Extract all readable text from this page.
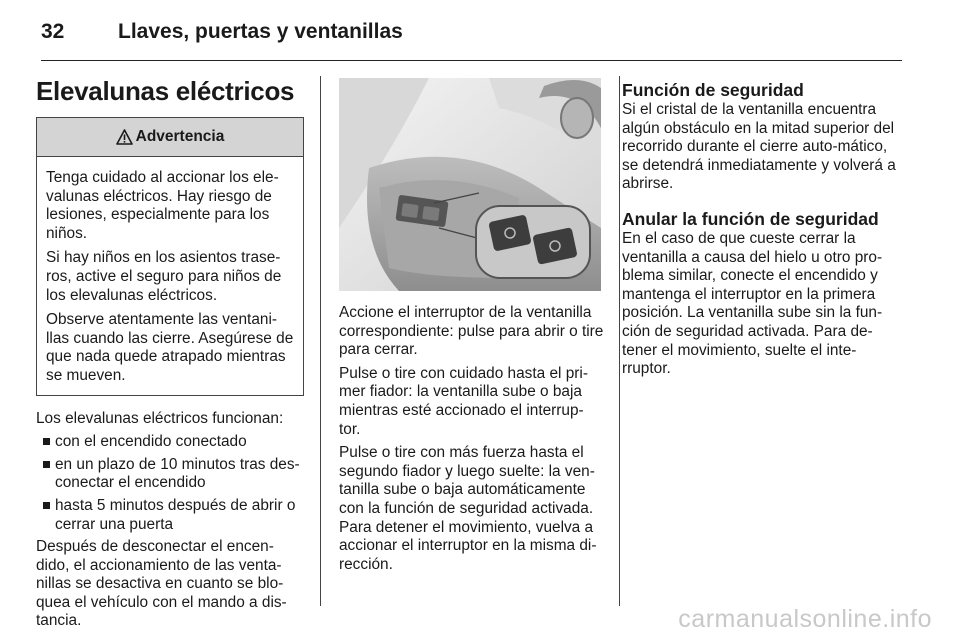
32	Llaves, puertas y ventanillas
Elevalunas eléctricos
Advertencia

Tenga cuidado al accionar los ele-valunas eléctricos. Hay riesgo de lesiones, especialmente para los niños.

Si hay niños en los asientos trase-ros, active el seguro para niños de los elevalunas eléctricos.

Observe atentamente las ventani-llas cuando las cierre. Asegúrese de que nada quede atrapado mientras se mueven.

Los elevalunas eléctricos funcionan:

con el encendido conectado
en un plazo de 10 minutos tras des-conectar el encendido
hasta 5 minutos después de abrir o cerrar una puerta

Después de desconectar el encen-dido, el accionamiento de las venta-nillas se desactiva en cuanto se blo-quea el vehículo con el mando a dis-tancia.

Accione el interruptor de la ventanilla correspondiente: pulse para abrir o tire para cerrar.

Pulse o tire con cuidado hasta el pri-mer fiador: la ventanilla sube o baja mientras esté accionado el interrup-tor.

Pulse o tire con más fuerza hasta el segundo fiador y luego suelte: la ven-tanilla sube o baja automáticamente con la función de seguridad activada. Para detener el movimiento, vuelva a accionar el interruptor en la misma di-rección.

Función de seguridad

Si el cristal de la ventanilla encuentra algún obstáculo en la mitad superior del recorrido durante el cierre auto-mático, se detendrá inmediatamente y volverá a abrirse.

Anular la función de seguridad

En el caso de que cueste cerrar la ventanilla a causa del hielo u otro pro-blema similar, conecte el encendido y mantenga el interruptor en la primera posición. La ventanilla sube sin la fun-ción de seguridad activada. Para de-tener el movimiento, suelte el inte-rruptor.

carmanualsonline.info
